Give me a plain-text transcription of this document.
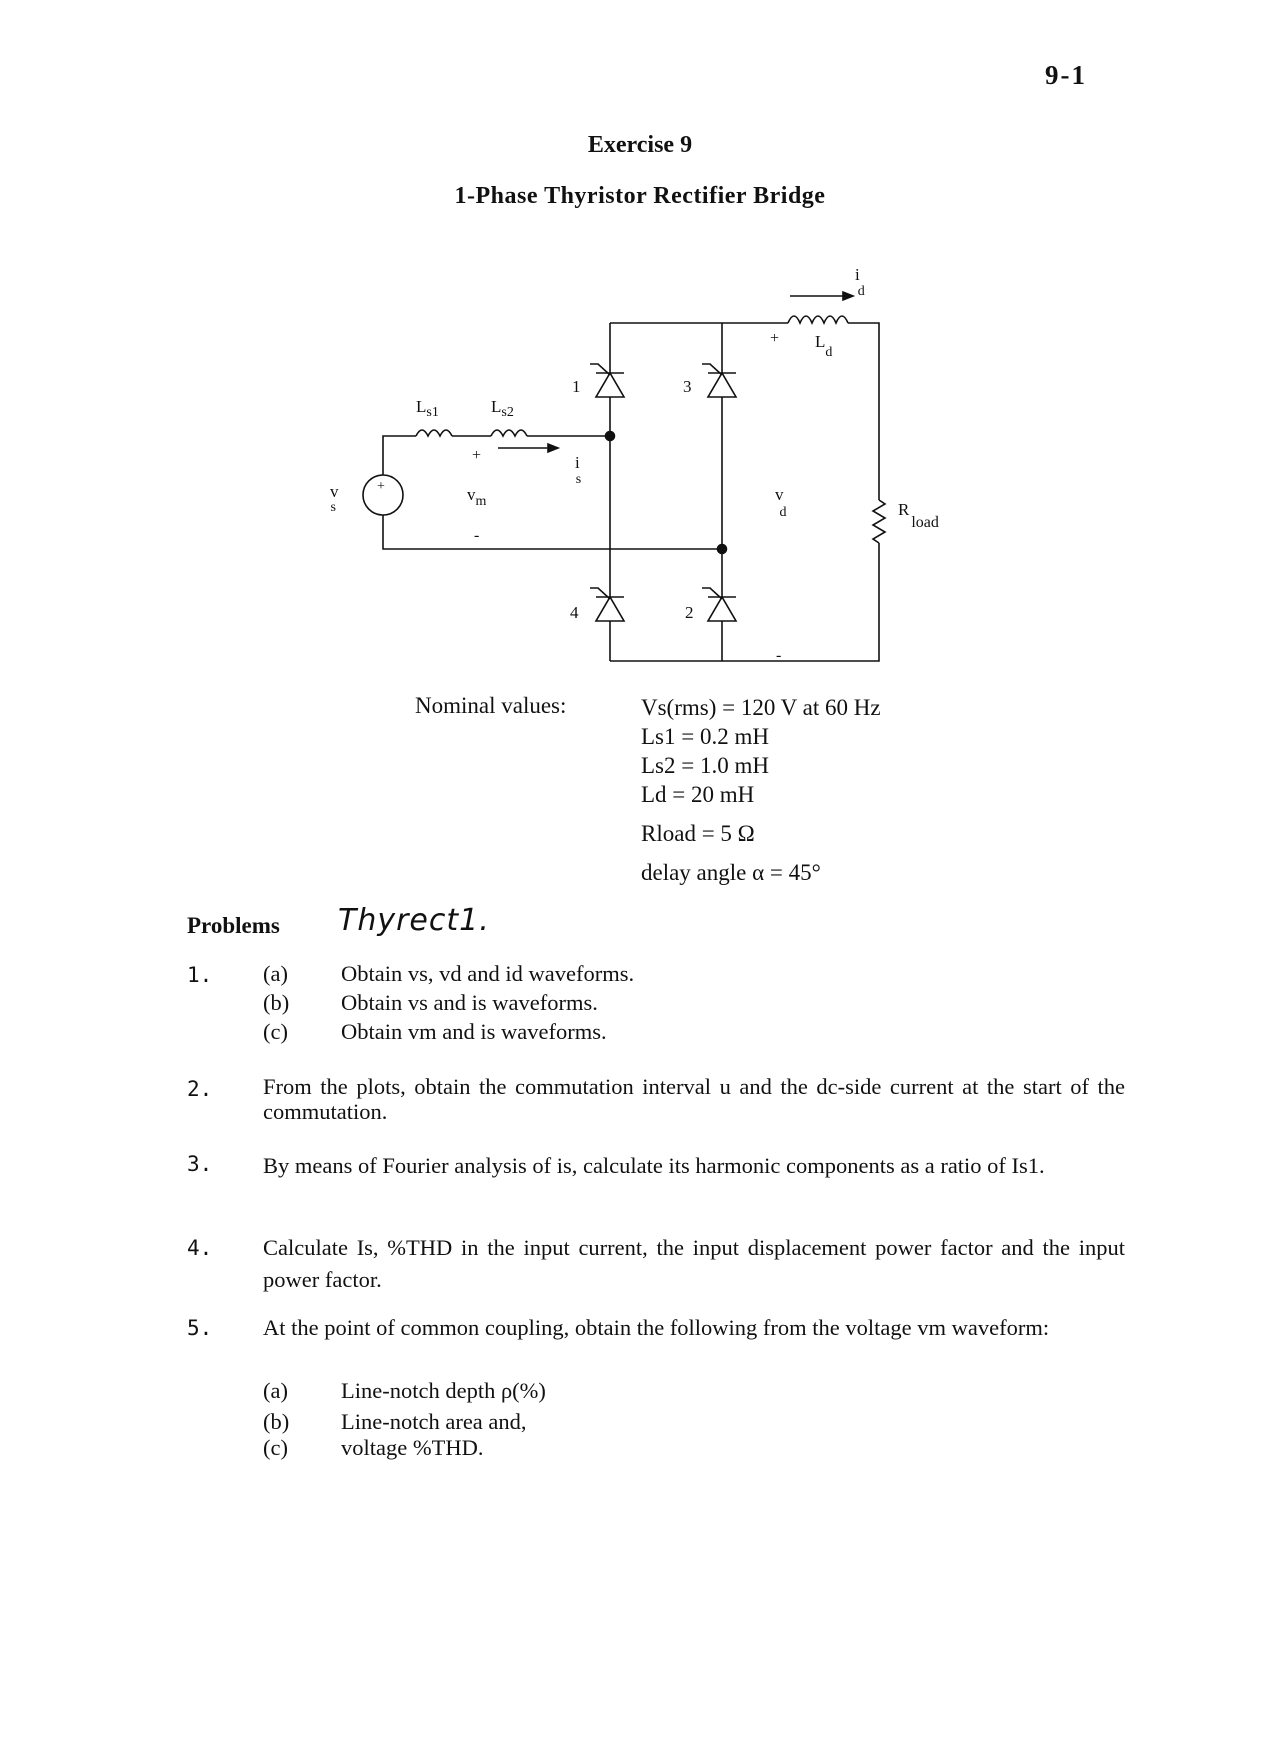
9-1
Exercise 9
1-Phase Thyristor Rectifier Bridge
$L_{s1}$	$L_{s2}$
v s
+
+
$v_m$
-
i s
1	3
4	2
i d
+ $L_d$
v d
-
Rload
Nominal values:	Vs(rms) = 120 V at 60 Hz
Ls1 = 0.2 mH
Ls2 = 1.0 mH
Ld = 20 mH
Rload = 5 Ω
delay angle α = 45°
Problems Thyrect1.
1. (a) Obtain vs, vd and id waveforms.
(b) Obtain vs and is waveforms.
(c) Obtain vm and is waveforms.
2. From the plots, obtain the commutation interval u and the dc-side current at the start of the commutation.
3. By means of Fourier analysis of is, calculate its harmonic components as a ratio of Is1.
4. Calculate Is, %THD in the input current, the input displacement power factor and the input power factor.
5. At the point of common coupling, obtain the following from the voltage vm waveform:
(a) Line-notch depth ρ(%)
(b) Line-notch area and,
(c) voltage %THD.
